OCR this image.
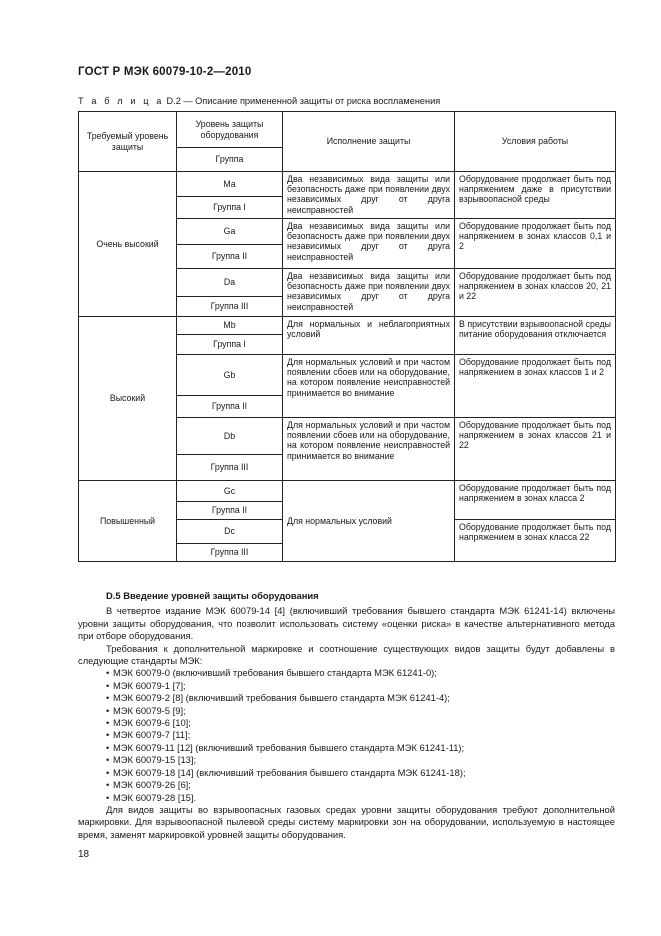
ГОСТ Р МЭК 60079-10-2—2010
Т а б л и ц а D.2 — Описание примененной защиты от риска воспламенения
Требуемый уровень защиты	Уровень защиты оборудования	Исполнение защиты	Условия работы
	Группа		
Очень высокий	Ma	Два независимых вида защиты или безопасность даже при появлении двух независимых друг от друга неисправностей	Оборудование продолжает быть под напряжением даже в присутствии взрывоопасной среды
	Группа I		
	Ga	Два независимых вида защиты или безопасность даже при появлении двух независимых друг от друга неисправностей	Оборудование продолжает быть под напряжением в зонах классов 0,1 и 2
	Группа II		
	Da	Два независимых вида защиты или безопасность даже при появлении двух независимых друг от друга неисправностей	Оборудование продолжает быть под напряжением в зонах классов 20, 21 и 22
	Группа III		
Высокий	Mb	Для нормальных и неблагоприятных условий	В присутствии взрывоопасной среды питание оборудования отключается
	Группа I		
	Gb	Для нормальных условий и при частом появлении сбоев или на оборудование, на котором появление неисправностей принимается во внимание	Оборудование продолжает быть под напряжением в зонах классов 1 и 2
	Группа II		
	Db	Для нормальных условий и при частом появлении сбоев или на оборудование, на котором появление неисправностей принимается во внимание	Оборудование продолжает быть под напряжением в зонах классов 21 и 22
	Группа III		
Повышенный	Gc	Для нормальных условий	Оборудование продолжает быть под напряжением в зонах класса 2
	Группа II		
	Dc		Оборудование продолжает быть под напряжением в зонах класса 22
	Группа III		

D.5 Введение уровней защиты оборудования

В четвертое издание МЭК 60079-14 [4] (включивший требования бывшего стандарта МЭК 61241-14) включены уровни защиты оборудования, что позволит использовать систему «оценки риска» в качестве альтернативного метода при отборе оборудования.

Требования к дополнительной маркировке и соотношение существующих видов защиты будут добавлены в следующие стандарты МЭК:

• МЭК 60079-0 (включивший требования бывшего стандарта МЭК 61241-0);
• МЭК 60079-1 [7];
• МЭК 60079-2 [8] (включивший требования бывшего стандарта МЭК 61241-4);
• МЭК 60079-5 [9];
• МЭК 60079-6 [10];
• МЭК 60079-7 [11];
• МЭК 60079-11 [12] (включивший требования бывшего стандарта МЭК 61241-11);
• МЭК 60079-15 [13];
• МЭК 60079-18 [14] (включивший требования бывшего стандарта МЭК 61241-18);
• МЭК 60079-26 [6];
• МЭК 60079-28 [15].

Для видов защиты во взрывоопасных газовых средах уровни защиты оборудования требуют дополнительной маркировки. Для взрывоопасной пылевой среды систему маркировки зон на оборудовании, используемую в настоящее время, заменят маркировкой уровней защиты оборудования.

18
